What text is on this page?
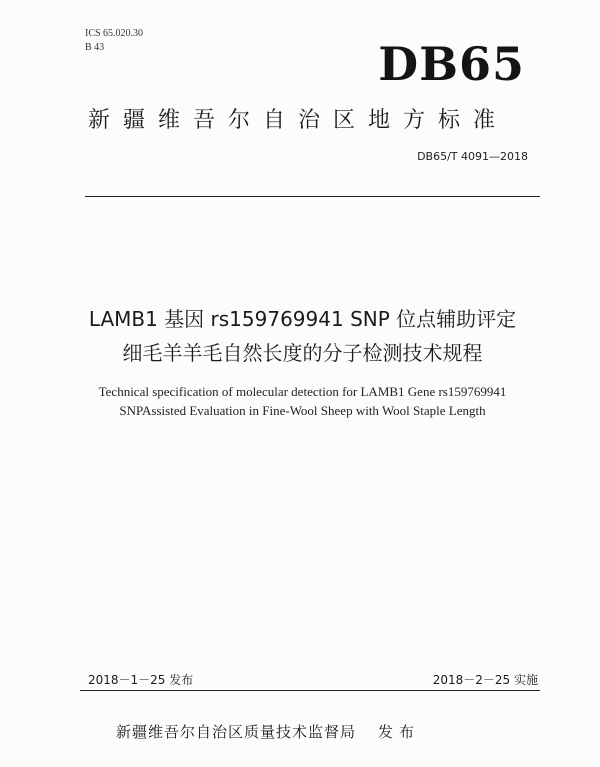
ICS 65.020.30
B 43	DB65
新疆维吾尔自治区地方标准
DB65/T 4091—2018
LAMB1 基因 rs159769941 SNP 位点辅助评定
细毛羊羊毛自然长度的分子检测技术规程
Technical specification of molecular detection for LAMB1 Gene rs159769941
SNPAssisted Evaluation in Fine-Wool Sheep with Wool Staple Length
2018－1－25 发布	2018－2－25 实施
新疆维吾尔自治区质量技术监督局 发布
